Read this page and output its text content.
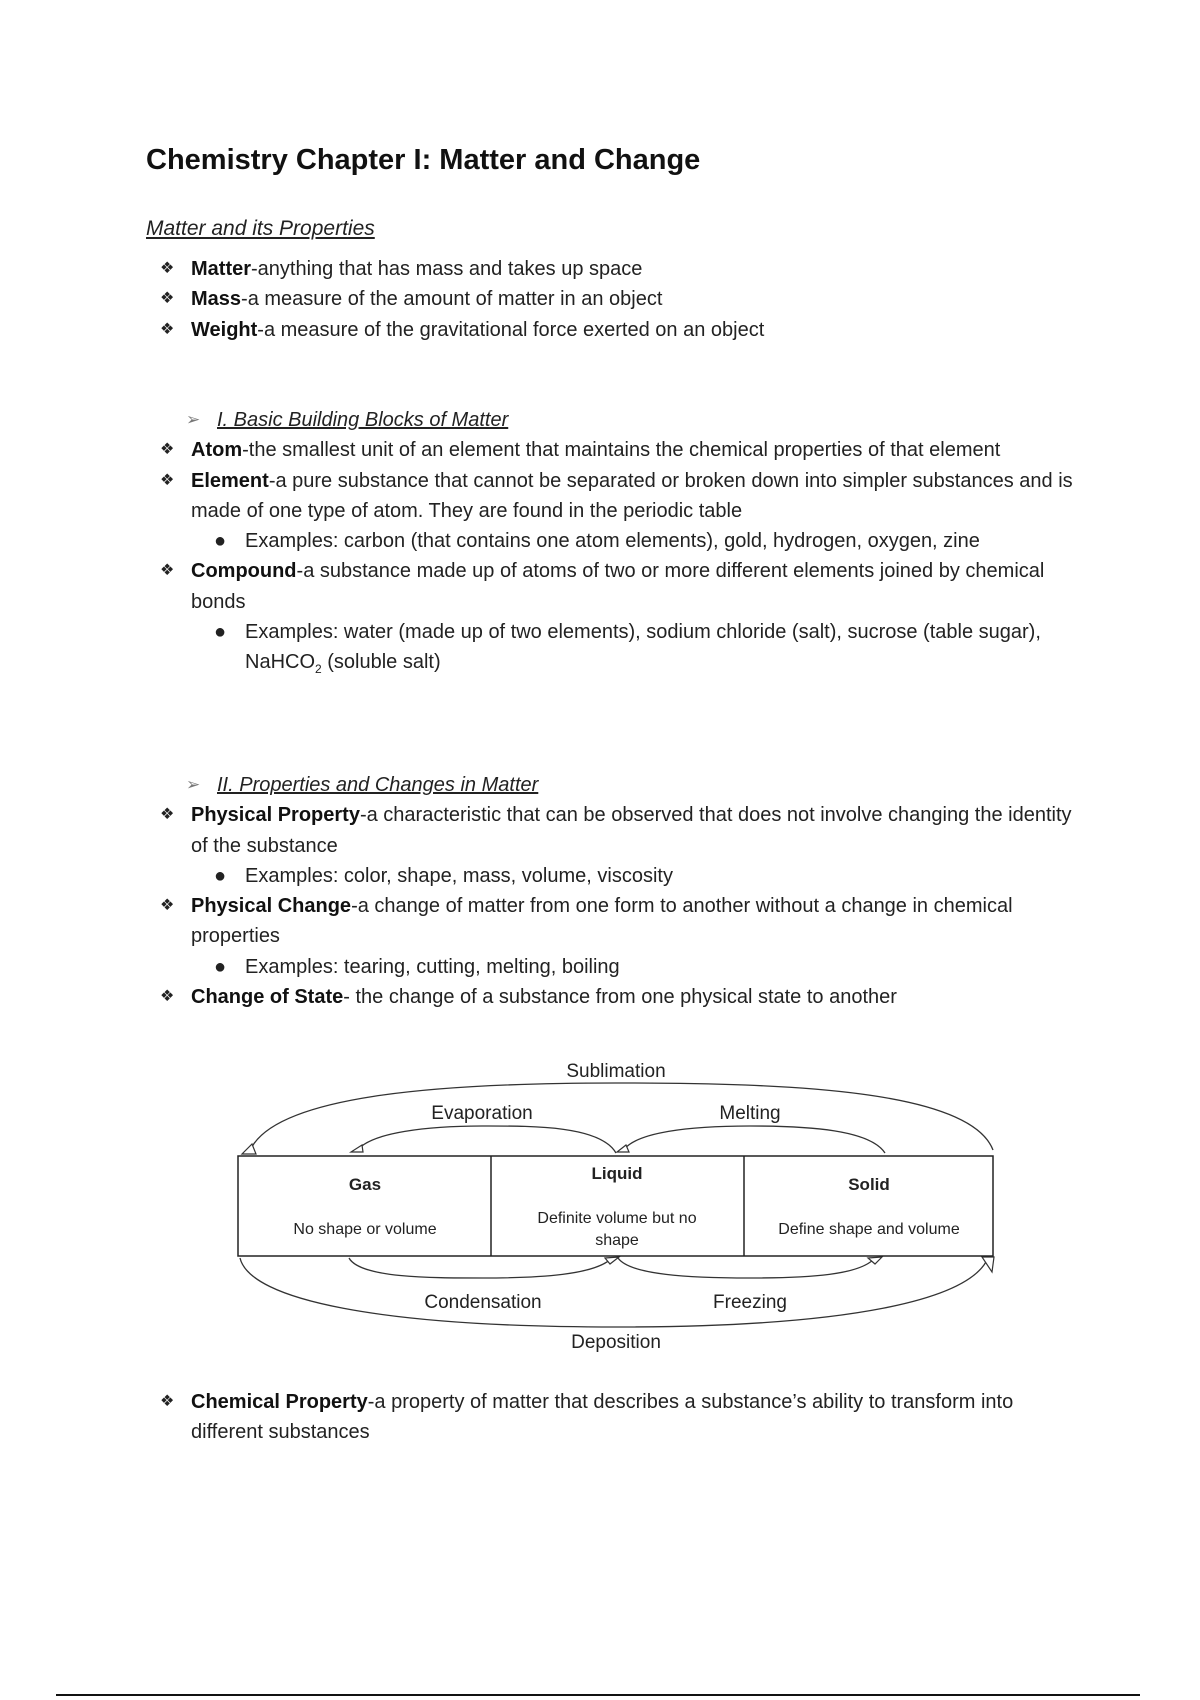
Chemistry Chapter I: Matter and Change
Matter and its Properties
❖ Matter-anything that has mass and takes up space
❖ Mass-a measure of the amount of matter in an object
❖ Weight-a measure of the gravitational force exerted on an object
➢ I. Basic Building Blocks of Matter
❖ Atom-the smallest unit of an element that maintains the chemical properties of that element
❖ Element-a pure substance that cannot be separated or broken down into simpler substances and is made of one type of atom. They are found in the periodic table
● Examples: carbon (that contains one atom elements), gold, hydrogen, oxygen, zine
❖ Compound-a substance made up of atoms of two or more different elements joined by chemical bonds
● Examples: water (made up of two elements), sodium chloride (salt), sucrose (table sugar), NaHCO$_2$ (soluble salt)
➢ II. Properties and Changes in Matter
❖ Physical Property-a characteristic that can be observed that does not involve changing the identity of the substance
● Examples: color, shape, mass, volume, viscosity
❖ Physical Change-a change of matter from one form to another without a change in chemical properties
● Examples: tearing, cutting, melting, boiling
❖ Change of State- the change of a substance from one physical state to another
Sublimation
Evaporation	Melting
Condensation	Freezing
Deposition
Gas
No shape or volume
Liquid
Definite volume but no
shape
Solid
Define shape and volume
❖ Chemical Property-a property of matter that describes a substance’s ability to transform into different substances
